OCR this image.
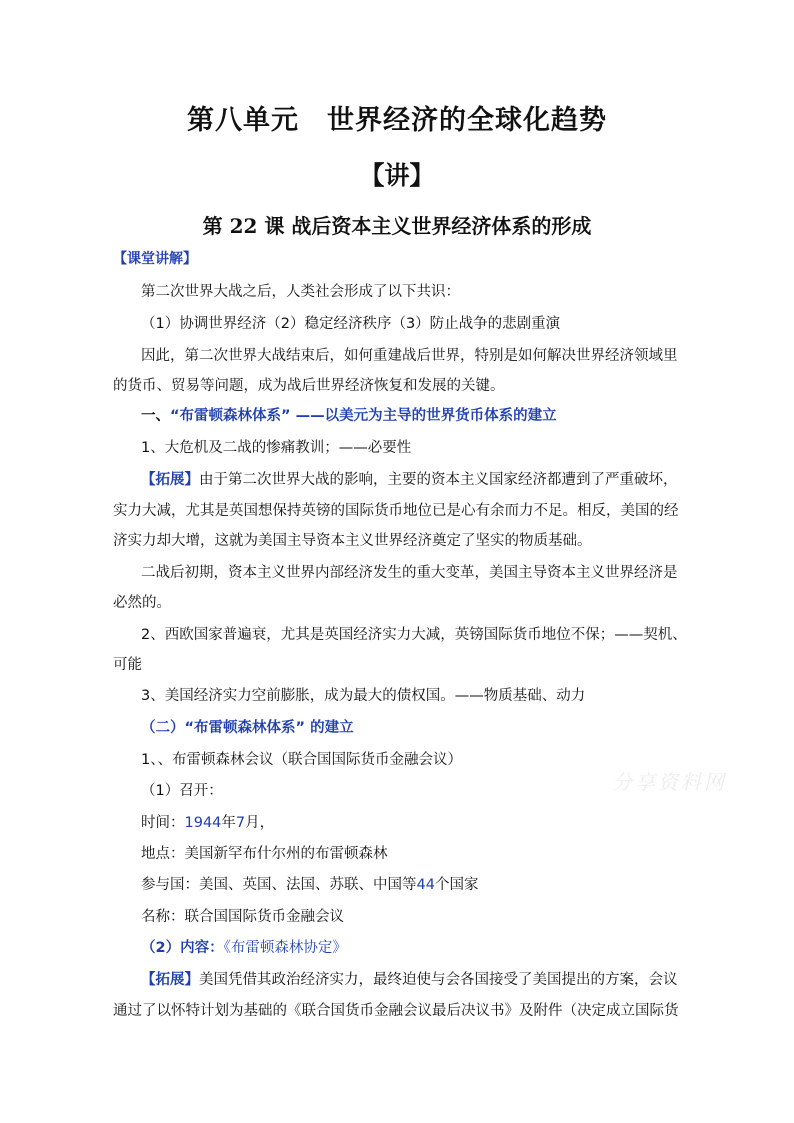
第八单元　世界经济的全球化趋势
【讲】
第 22 课 战后资本主义世界经济体系的形成
【课堂讲解】
第二次世界大战之后，人类社会形成了以下共识：
（1）协调世界经济（2）稳定经济秩序（3）防止战争的悲剧重演
因此，第二次世界大战结束后，如何重建战后世界，特别是如何解决世界经济领域里
的货币、贸易等问题，成为战后世界经济恢复和发展的关键。
一、“布雷顿森林体系” ——以美元为主导的世界货币体系的建立
1、大危机及二战的惨痛教训；——必要性
【拓展】由于第二次世界大战的影响，主要的资本主义国家经济都遭到了严重破坏，
实力大减，尤其是英国想保持英镑的国际货币地位已是心有余而力不足。相反，美国的经
济实力却大增，这就为美国主导资本主义世界经济奠定了坚实的物质基础。
二战后初期，资本主义世界内部经济发生的重大变革，美国主导资本主义世界经济是
必然的。
2、西欧国家普遍衰，尤其是英国经济实力大减，英镑国际货币地位不保；——契机、
可能
3、美国经济实力空前膨胀，成为最大的债权国。——物质基础、动力
（二）“布雷顿森林体系” 的建立
1、、布雷顿森林会议（联合国国际货币金融会议）
（1）召开：
时间：1944年7月，
地点：美国新罕布什尔州的布雷顿森林
参与国：美国、英国、法国、苏联、中国等44个国家
名称：联合国国际货币金融会议
（2）内容：《布雷顿森林协定》
【拓展】美国凭借其政治经济实力，最终迫使与会各国接受了美国提出的方案，会议
通过了以怀特计划为基础的《联合国货币金融会议最后决议书》及附件（决定成立国际货
分享资料网
